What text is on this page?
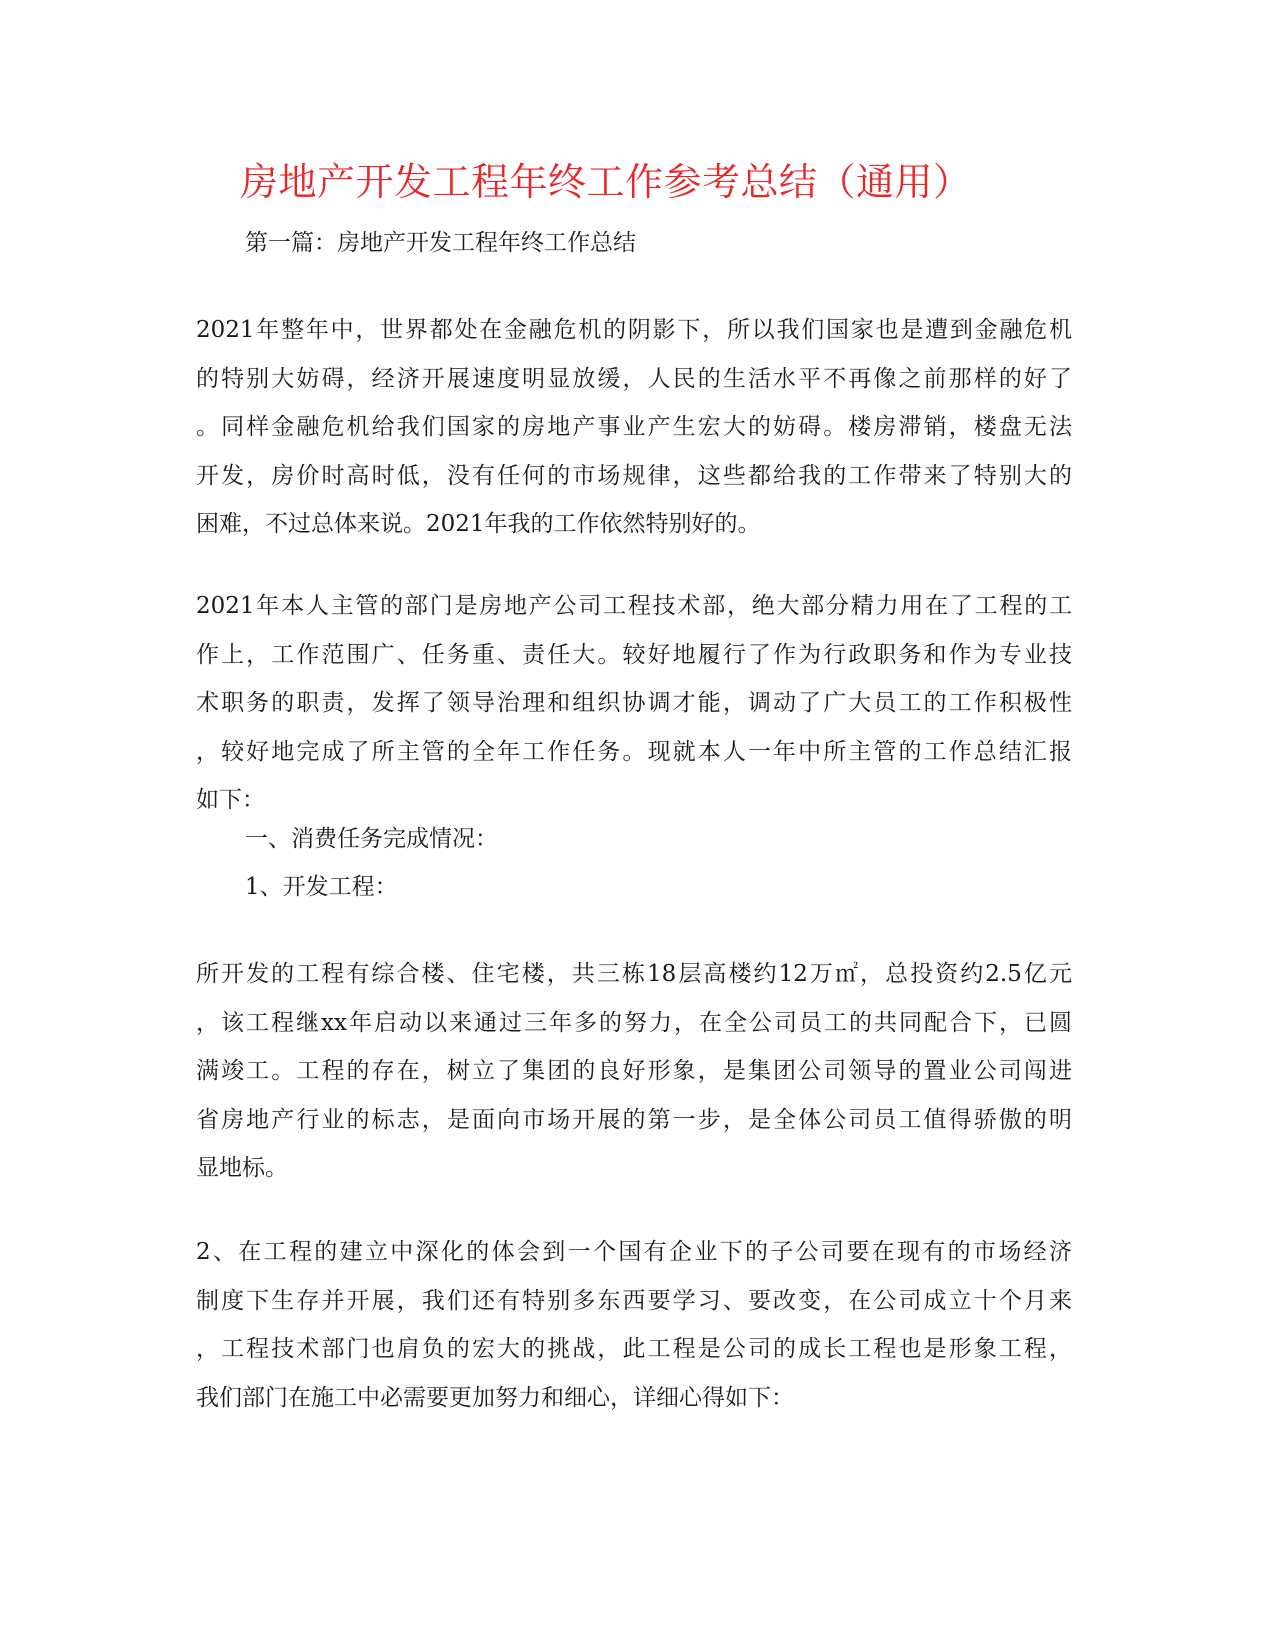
房地产开发工程年终工作参考总结（通用）
第一篇：房地产开发工程年终工作总结
2021年整年中，世界都处在金融危机的阴影下，所以我们国家也是遭到金融危机
的特别大妨碍，经济开展速度明显放缓，人民的生活水平不再像之前那样的好了
。同样金融危机给我们国家的房地产事业产生宏大的妨碍。楼房滞销，楼盘无法
开发，房价时高时低，没有任何的市场规律，这些都给我的工作带来了特别大的
困难，不过总体来说。2021年我的工作依然特别好的。
2021年本人主管的部门是房地产公司工程技术部，绝大部分精力用在了工程的工
作上，工作范围广、任务重、责任大。较好地履行了作为行政职务和作为专业技
术职务的职责，发挥了领导治理和组织协调才能，调动了广大员工的工作积极性
，较好地完成了所主管的全年工作任务。现就本人一年中所主管的工作总结汇报
如下：
一、消费任务完成情况：
1、开发工程：
所开发的工程有综合楼、住宅楼，共三栋18层高楼约12万㎡，总投资约2.5亿元
，该工程继xx年启动以来通过三年多的努力，在全公司员工的共同配合下，已圆
满竣工。工程的存在，树立了集团的良好形象，是集团公司领导的置业公司闯进
省房地产行业的标志，是面向市场开展的第一步，是全体公司员工值得骄傲的明
显地标。
2、在工程的建立中深化的体会到一个国有企业下的子公司要在现有的市场经济
制度下生存并开展，我们还有特别多东西要学习、要改变，在公司成立十个月来
，工程技术部门也肩负的宏大的挑战，此工程是公司的成长工程也是形象工程，
我们部门在施工中必需要更加努力和细心，详细心得如下：
